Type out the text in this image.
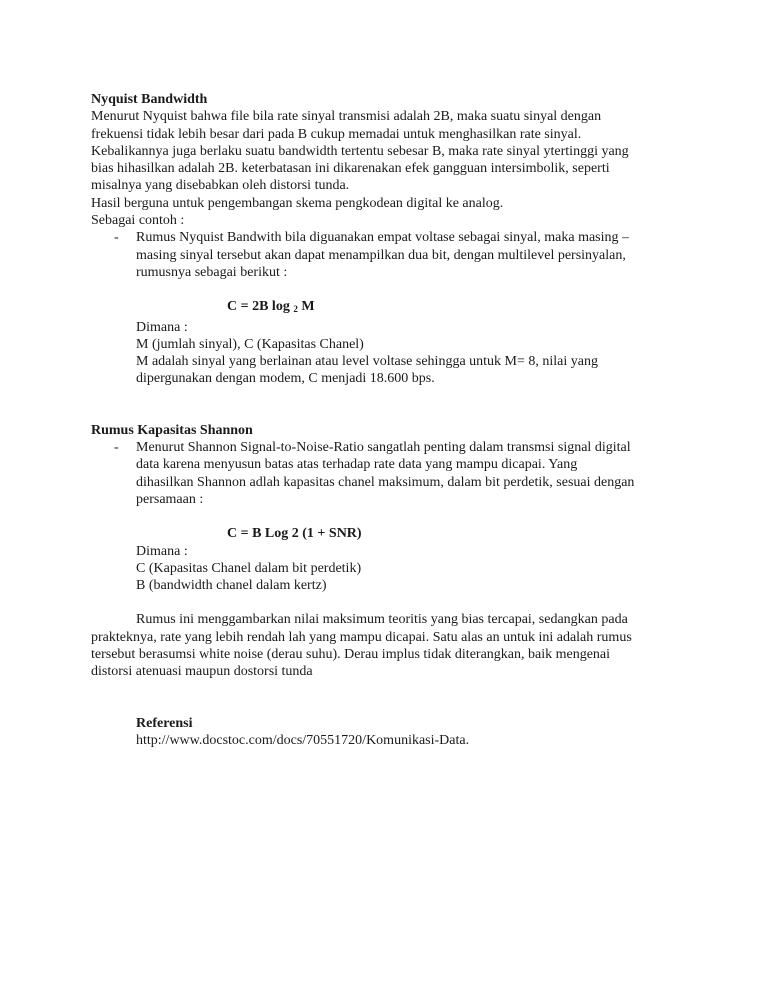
Nyquist Bandwidth

Menurut Nyquist bahwa file bila rate sinyal transmisi adalah 2B, maka suatu sinyal dengan

frekuensi tidak lebih besar dari pada B cukup memadai untuk menghasilkan rate sinyal.

Kebalikannya juga berlaku suatu bandwidth tertentu sebesar B, maka rate sinyal ytertinggi yang

bias hihasilkan adalah 2B. keterbatasan ini dikarenakan efek gangguan intersimbolik, seperti

misalnya yang disebabkan oleh distorsi tunda.

Hasil berguna untuk pengembangan skema pengkodean digital ke analog.

Sebagai contoh :

- Rumus Nyquist Bandwith bila diguanakan empat voltase sebagai sinyal, maka masing –

masing sinyal tersebut akan dapat menampilkan dua bit, dengan multilevel persinyalan,

rumusnya sebagai berikut :

C = 2B log $_2$ M

Dimana :

M (jumlah sinyal), C (Kapasitas Chanel)

M adalah sinyal yang berlainan atau level voltase sehingga untuk M= 8, nilai yang

dipergunakan dengan modem, C menjadi 18.600 bps.

Rumus Kapasitas Shannon

- Menurut Shannon Signal-to-Noise-Ratio sangatlah penting dalam transmsi signal digital

data karena menyusun batas atas terhadap rate data yang mampu dicapai. Yang

dihasilkan Shannon adlah kapasitas chanel maksimum, dalam bit perdetik, sesuai dengan

persamaan :

C = B Log 2 (1 + SNR)

Dimana :

C (Kapasitas Chanel dalam bit perdetik)

B (bandwidth chanel dalam kertz)

Rumus ini menggambarkan nilai maksimum teoritis yang bias tercapai, sedangkan pada

prakteknya, rate yang lebih rendah lah yang mampu dicapai. Satu alas an untuk ini adalah rumus

tersebut berasumsi white noise (derau suhu). Derau implus tidak diterangkan, baik mengenai

distorsi atenuasi maupun dostorsi tunda

Referensi

http://www.docstoc.com/docs/70551720/Komunikasi-Data.
